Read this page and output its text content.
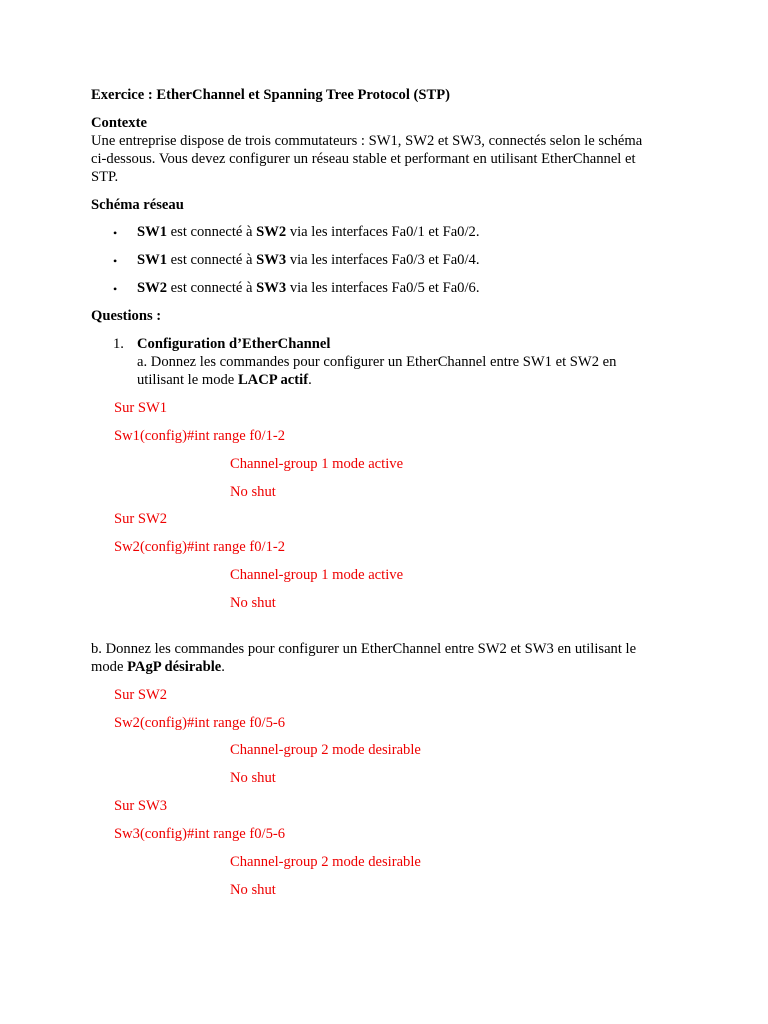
Exercice : EtherChannel et Spanning Tree Protocol (STP)
Contexte
Une entreprise dispose de trois commutateurs : SW1, SW2 et SW3, connectés selon le schéma
ci-dessous. Vous devez configurer un réseau stable et performant en utilisant EtherChannel et
STP.
Schéma réseau
• SW1 est connecté à SW2 via les interfaces Fa0/1 et Fa0/2.
• SW1 est connecté à SW3 via les interfaces Fa0/3 et Fa0/4.
• SW2 est connecté à SW3 via les interfaces Fa0/5 et Fa0/6.
Questions :
1. Configuration d’EtherChannel
a. Donnez les commandes pour configurer un EtherChannel entre SW1 et SW2 en
utilisant le mode LACP actif.
Sur SW1
Sw1(config)#int range f0/1-2
Channel-group 1 mode active
No shut
Sur SW2
Sw2(config)#int range f0/1-2
Channel-group 1 mode active
No shut
b. Donnez les commandes pour configurer un EtherChannel entre SW2 et SW3 en utilisant le
mode PAgP désirable.
Sur SW2
Sw2(config)#int range f0/5-6
Channel-group 2 mode desirable
No shut
Sur SW3
Sw3(config)#int range f0/5-6
Channel-group 2 mode desirable
No shut
